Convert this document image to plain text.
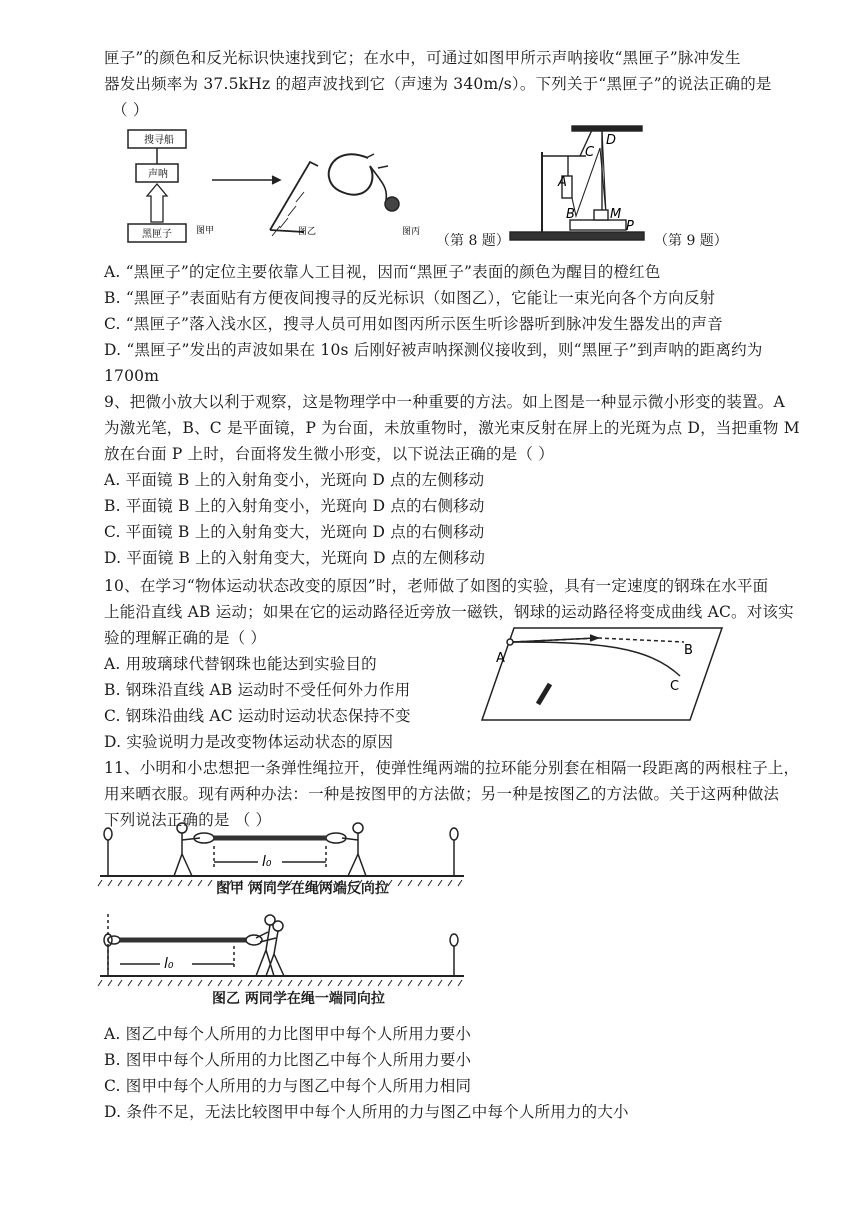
匣子”的颜色和反光标识快速找到它；在水中，可通过如图甲所示声呐接收“黑匣子”脉冲发生
器发出频率为 37.5kHz 的超声波找到它（声速为 340m/s）。下列关于“黑匣子”的说法正确的是
（ ）
搜寻船
声呐
黑匣子	图甲	图乙	图丙
（第 8 题）
C
D
A
B	M
P
（第 9 题）
A. “黑匣子”的定位主要依靠人工目视，因而“黑匣子”表面的颜色为醒目的橙红色
B. “黑匣子”表面贴有方便夜间搜寻的反光标识（如图乙），它能让一束光向各个方向反射
C. “黑匣子”落入浅水区，搜寻人员可用如图丙所示医生听诊器听到脉冲发生器发出的声音
D. “黑匣子”发出的声波如果在 10s 后刚好被声呐探测仪接收到，则“黑匣子”到声呐的距离约为
1700m
9、把微小放大以利于观察，这是物理学中一种重要的方法。如上图是一种显示微小形变的装置。A
为激光笔，B、C 是平面镜，P 为台面，未放重物时，激光束反射在屏上的光斑为点 D，当把重物 M
放在台面 P 上时，台面将发生微小形变，以下说法正确的是（ ）
A. 平面镜 B 上的入射角变小，光斑向 D 点的左侧移动
B. 平面镜 B 上的入射角变小，光斑向 D 点的右侧移动
C. 平面镜 B 上的入射角变大，光斑向 D 点的右侧移动
D. 平面镜 B 上的入射角变大，光斑向 D 点的左侧移动
10、在学习“物体运动状态改变的原因”时，老师做了如图的实验，具有一定速度的钢珠在水平面
上能沿直线 AB 运动；如果在它的运动路径近旁放一磁铁，钢球的运动路径将变成曲线 AC。对该实
验的理解正确的是（ ）
A. 用玻璃球代替钢珠也能达到实验目的
B. 钢珠沿直线 AB 运动时不受任何外力作用
C. 钢珠沿曲线 AC 运动时运动状态保持不变
D. 实验说明力是改变物体运动状态的原因
A
B
C
11、小明和小忠想把一条弹性绳拉开，使弹性绳两端的拉环能分别套在相隔一段距离的两根柱子上，
用来晒衣服。现有两种办法：一种是按图甲的方法做；另一种是按图乙的方法做。关于这两种做法
下列说法正确的是 （ ）
l₀
图甲 两同学在绳两端反向拉
l₀
图乙 两同学在绳一端同向拉
A. 图乙中每个人所用的力比图甲中每个人所用力要小
B. 图甲中每个人所用的力比图乙中每个人所用力要小
C. 图甲中每个人所用的力与图乙中每个人所用力相同
D. 条件不足，无法比较图甲中每个人所用的力与图乙中每个人所用力的大小
